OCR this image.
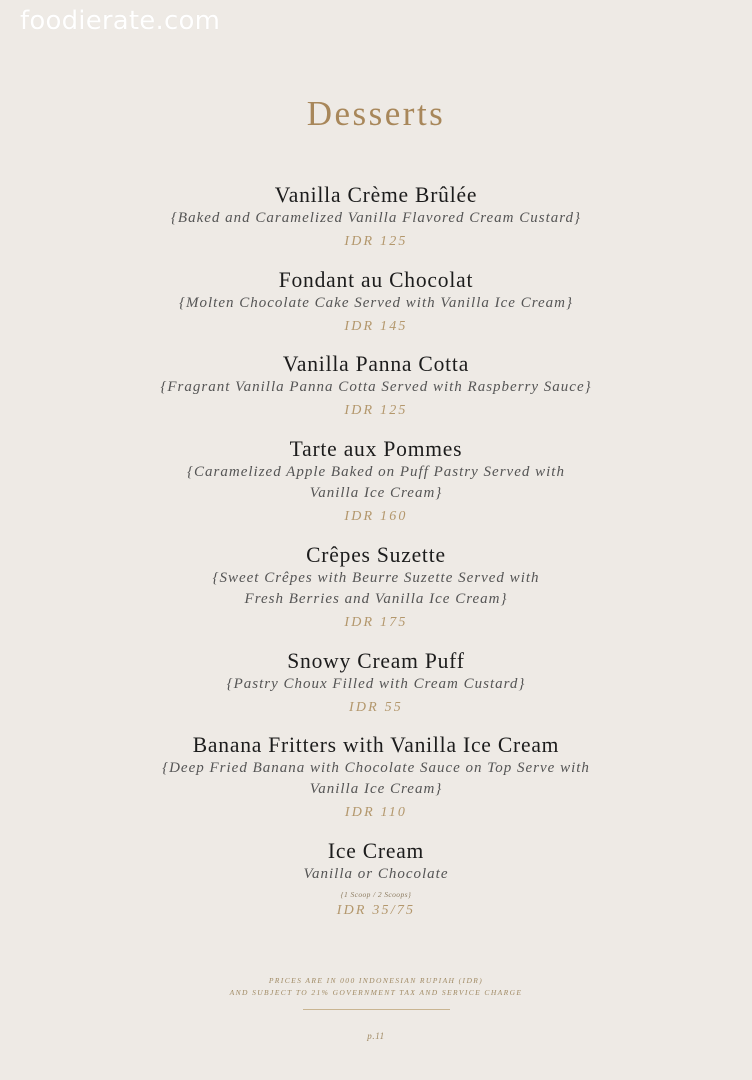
foodierate.com
Desserts
Vanilla Crème Brûlée
{Baked and Caramelized Vanilla Flavored Cream Custard}
IDR 125
Fondant au Chocolat
{Molten Chocolate Cake Served with Vanilla Ice Cream}
IDR 145
Vanilla Panna Cotta
{Fragrant Vanilla Panna Cotta Served with Raspberry Sauce}
IDR 125
Tarte aux Pommes
{Caramelized Apple Baked on Puff Pastry Served with
Vanilla Ice Cream}
IDR 160
Crêpes Suzette
{Sweet Crêpes with Beurre Suzette Served with
Fresh Berries and Vanilla Ice Cream}
IDR 175
Snowy Cream Puff
{Pastry Choux Filled with Cream Custard}
IDR 55
Banana Fritters with Vanilla Ice Cream
{Deep Fried Banana with Chocolate Sauce on Top Serve with
Vanilla Ice Cream}
IDR 110
Ice Cream
Vanilla or Chocolate
{1 Scoop / 2 Scoops}
IDR 35/75
PRICES ARE IN 000 INDONESIAN RUPIAH (IDR)
AND SUBJECT TO 21% GOVERNMENT TAX AND SERVICE CHARGE
p.11
